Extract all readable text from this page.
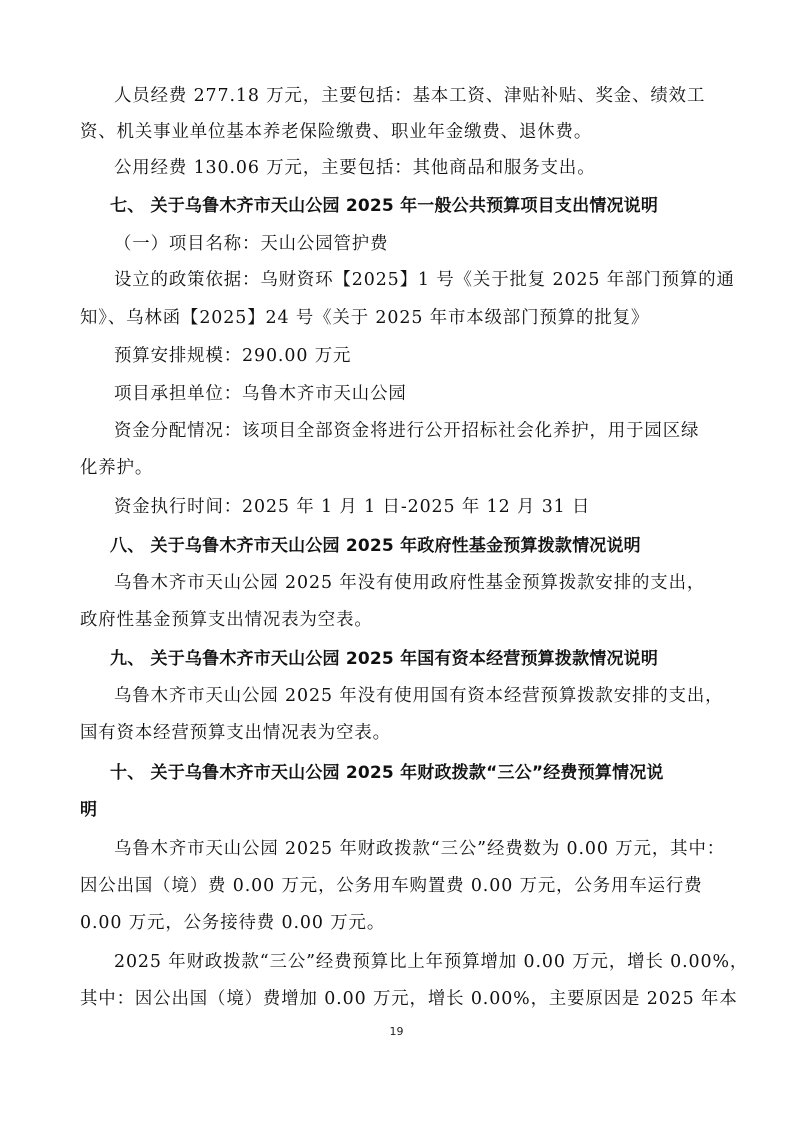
人员经费 277.18 万元，主要包括：基本工资、津贴补贴、奖金、绩效工
资、机关事业单位基本养老保险缴费、职业年金缴费、退休费。
公用经费 130.06 万元，主要包括：其他商品和服务支出。
七、 关于乌鲁木齐市天山公园 2025 年一般公共预算项目支出情况说明
（一）项目名称：天山公园管护费
设立的政策依据：乌财资环【2025】1 号《关于批复 2025 年部门预算的通
知》、乌林函【2025】24 号《关于 2025 年市本级部门预算的批复》
预算安排规模：290.00 万元
项目承担单位：乌鲁木齐市天山公园
资金分配情况：该项目全部资金将进行公开招标社会化养护，用于园区绿
化养护。
资金执行时间：2025 年 1 月 1 日-2025 年 12 月 31 日
八、 关于乌鲁木齐市天山公园 2025 年政府性基金预算拨款情况说明
乌鲁木齐市天山公园 2025 年没有使用政府性基金预算拨款安排的支出，
政府性基金预算支出情况表为空表。
九、 关于乌鲁木齐市天山公园 2025 年国有资本经营预算拨款情况说明
乌鲁木齐市天山公园 2025 年没有使用国有资本经营预算拨款安排的支出，
国有资本经营预算支出情况表为空表。
十、 关于乌鲁木齐市天山公园 2025 年财政拨款“三公”经费预算情况说
明
乌鲁木齐市天山公园 2025 年财政拨款“三公”经费数为 0.00 万元，其中：
因公出国（境）费 0.00 万元，公务用车购置费 0.00 万元，公务用车运行费
0.00 万元，公务接待费 0.00 万元。
2025 年财政拨款“三公”经费预算比上年预算增加 0.00 万元，增长 0.00%，
其中：因公出国（境）费增加 0.00 万元，增长 0.00%，主要原因是 2025 年本
19
